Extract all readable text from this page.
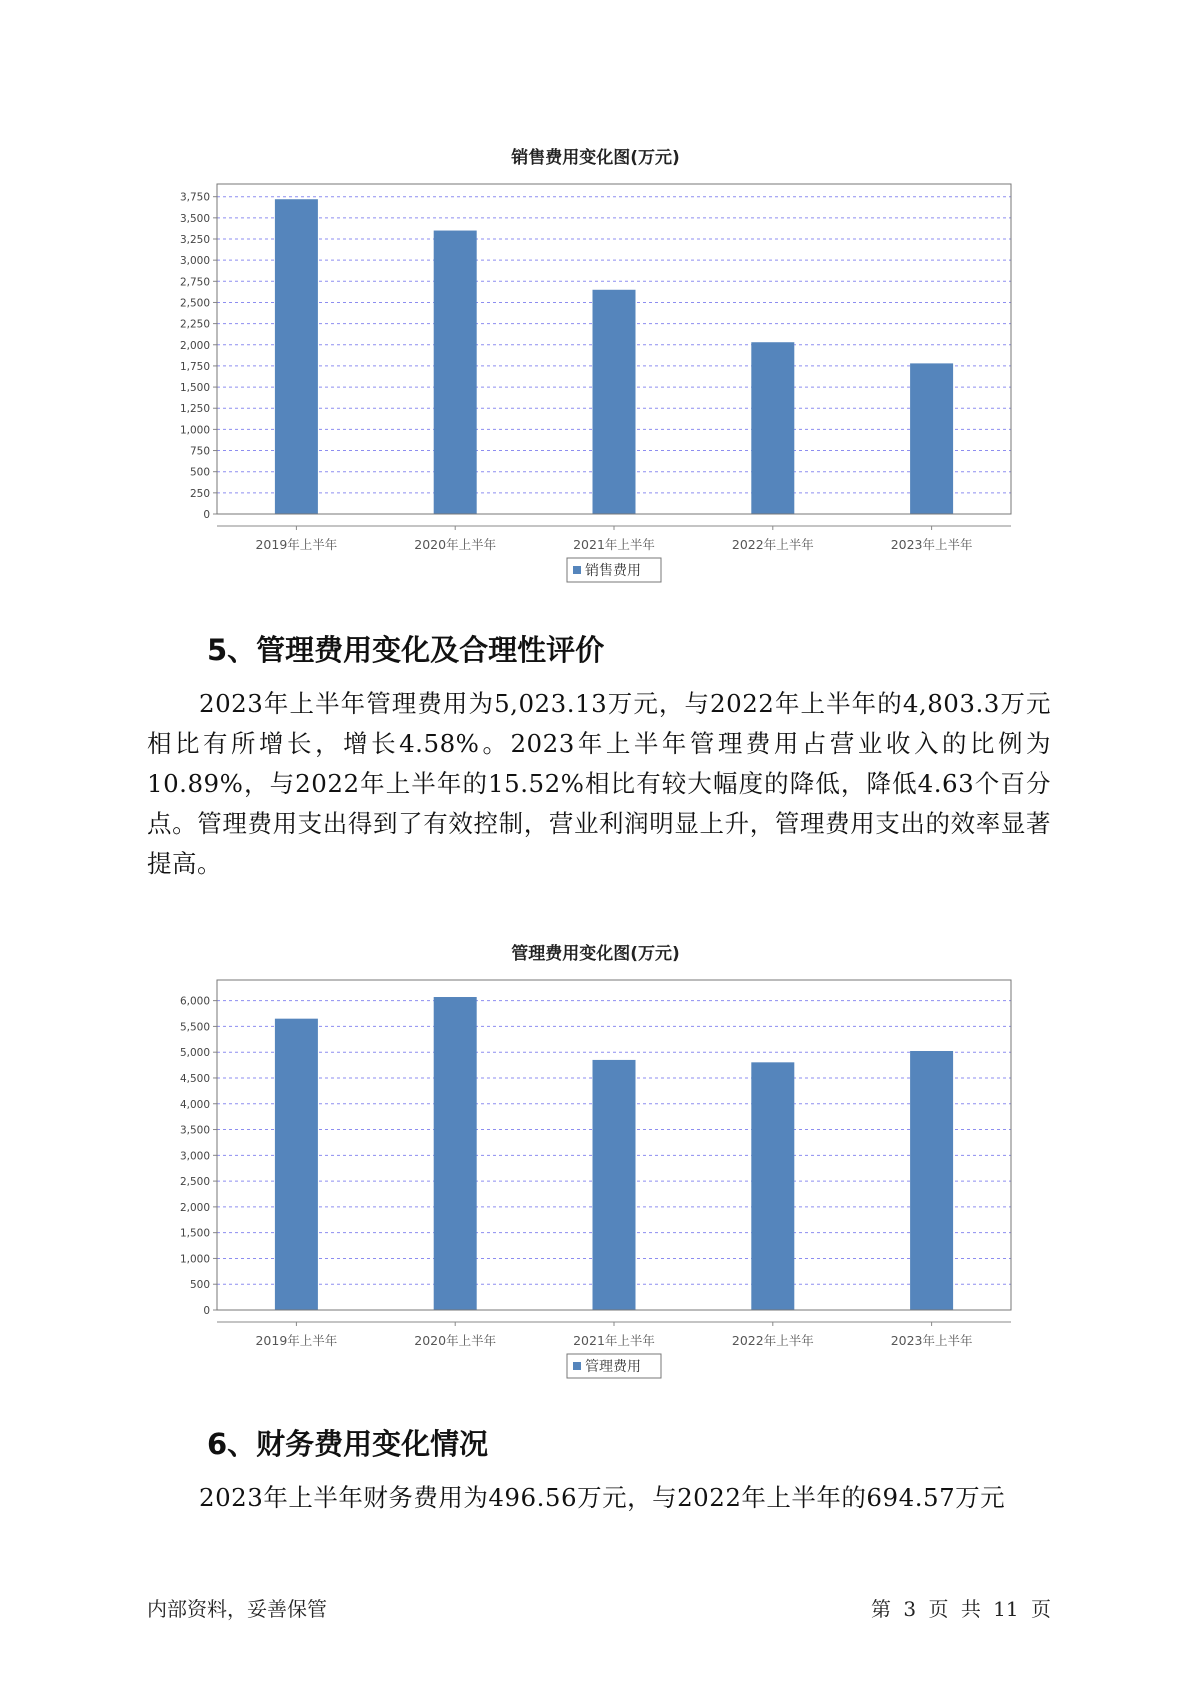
销售费用变化图(万元)
0
250
500
750
1,000
1,250
1,500
1,750
2,000
2,250
2,500
2,750
3,000
3,250
3,500
3,750
2019年上半年	2020年上半年	2021年上半年	2022年上半年	2023年上半年
销售费用
5、管理费用变化及合理性评价
2023年上半年管理费用为5,023.13万元，与2022年上半年的4,803.3万元相比有所增长，增长4.58%。2023年上半年管理费用占营业收入的比例为10.89%，与2022年上半年的15.52%相比有较大幅度的降低，降低4.63个百分点。管理费用支出得到了有效控制，营业利润明显上升，管理费用支出的效率显著提高。
管理费用变化图(万元)
0
500
1,000
1,500
2,000
2,500
3,000
3,500
4,000
4,500
5,000
5,500
6,000
2019年上半年	2020年上半年	2021年上半年	2022年上半年	2023年上半年
管理费用
6、财务费用变化情况
2023年上半年财务费用为496.56万元，与2022年上半年的694.57万元
内部资料，妥善保管	第 3 页 共 11 页
